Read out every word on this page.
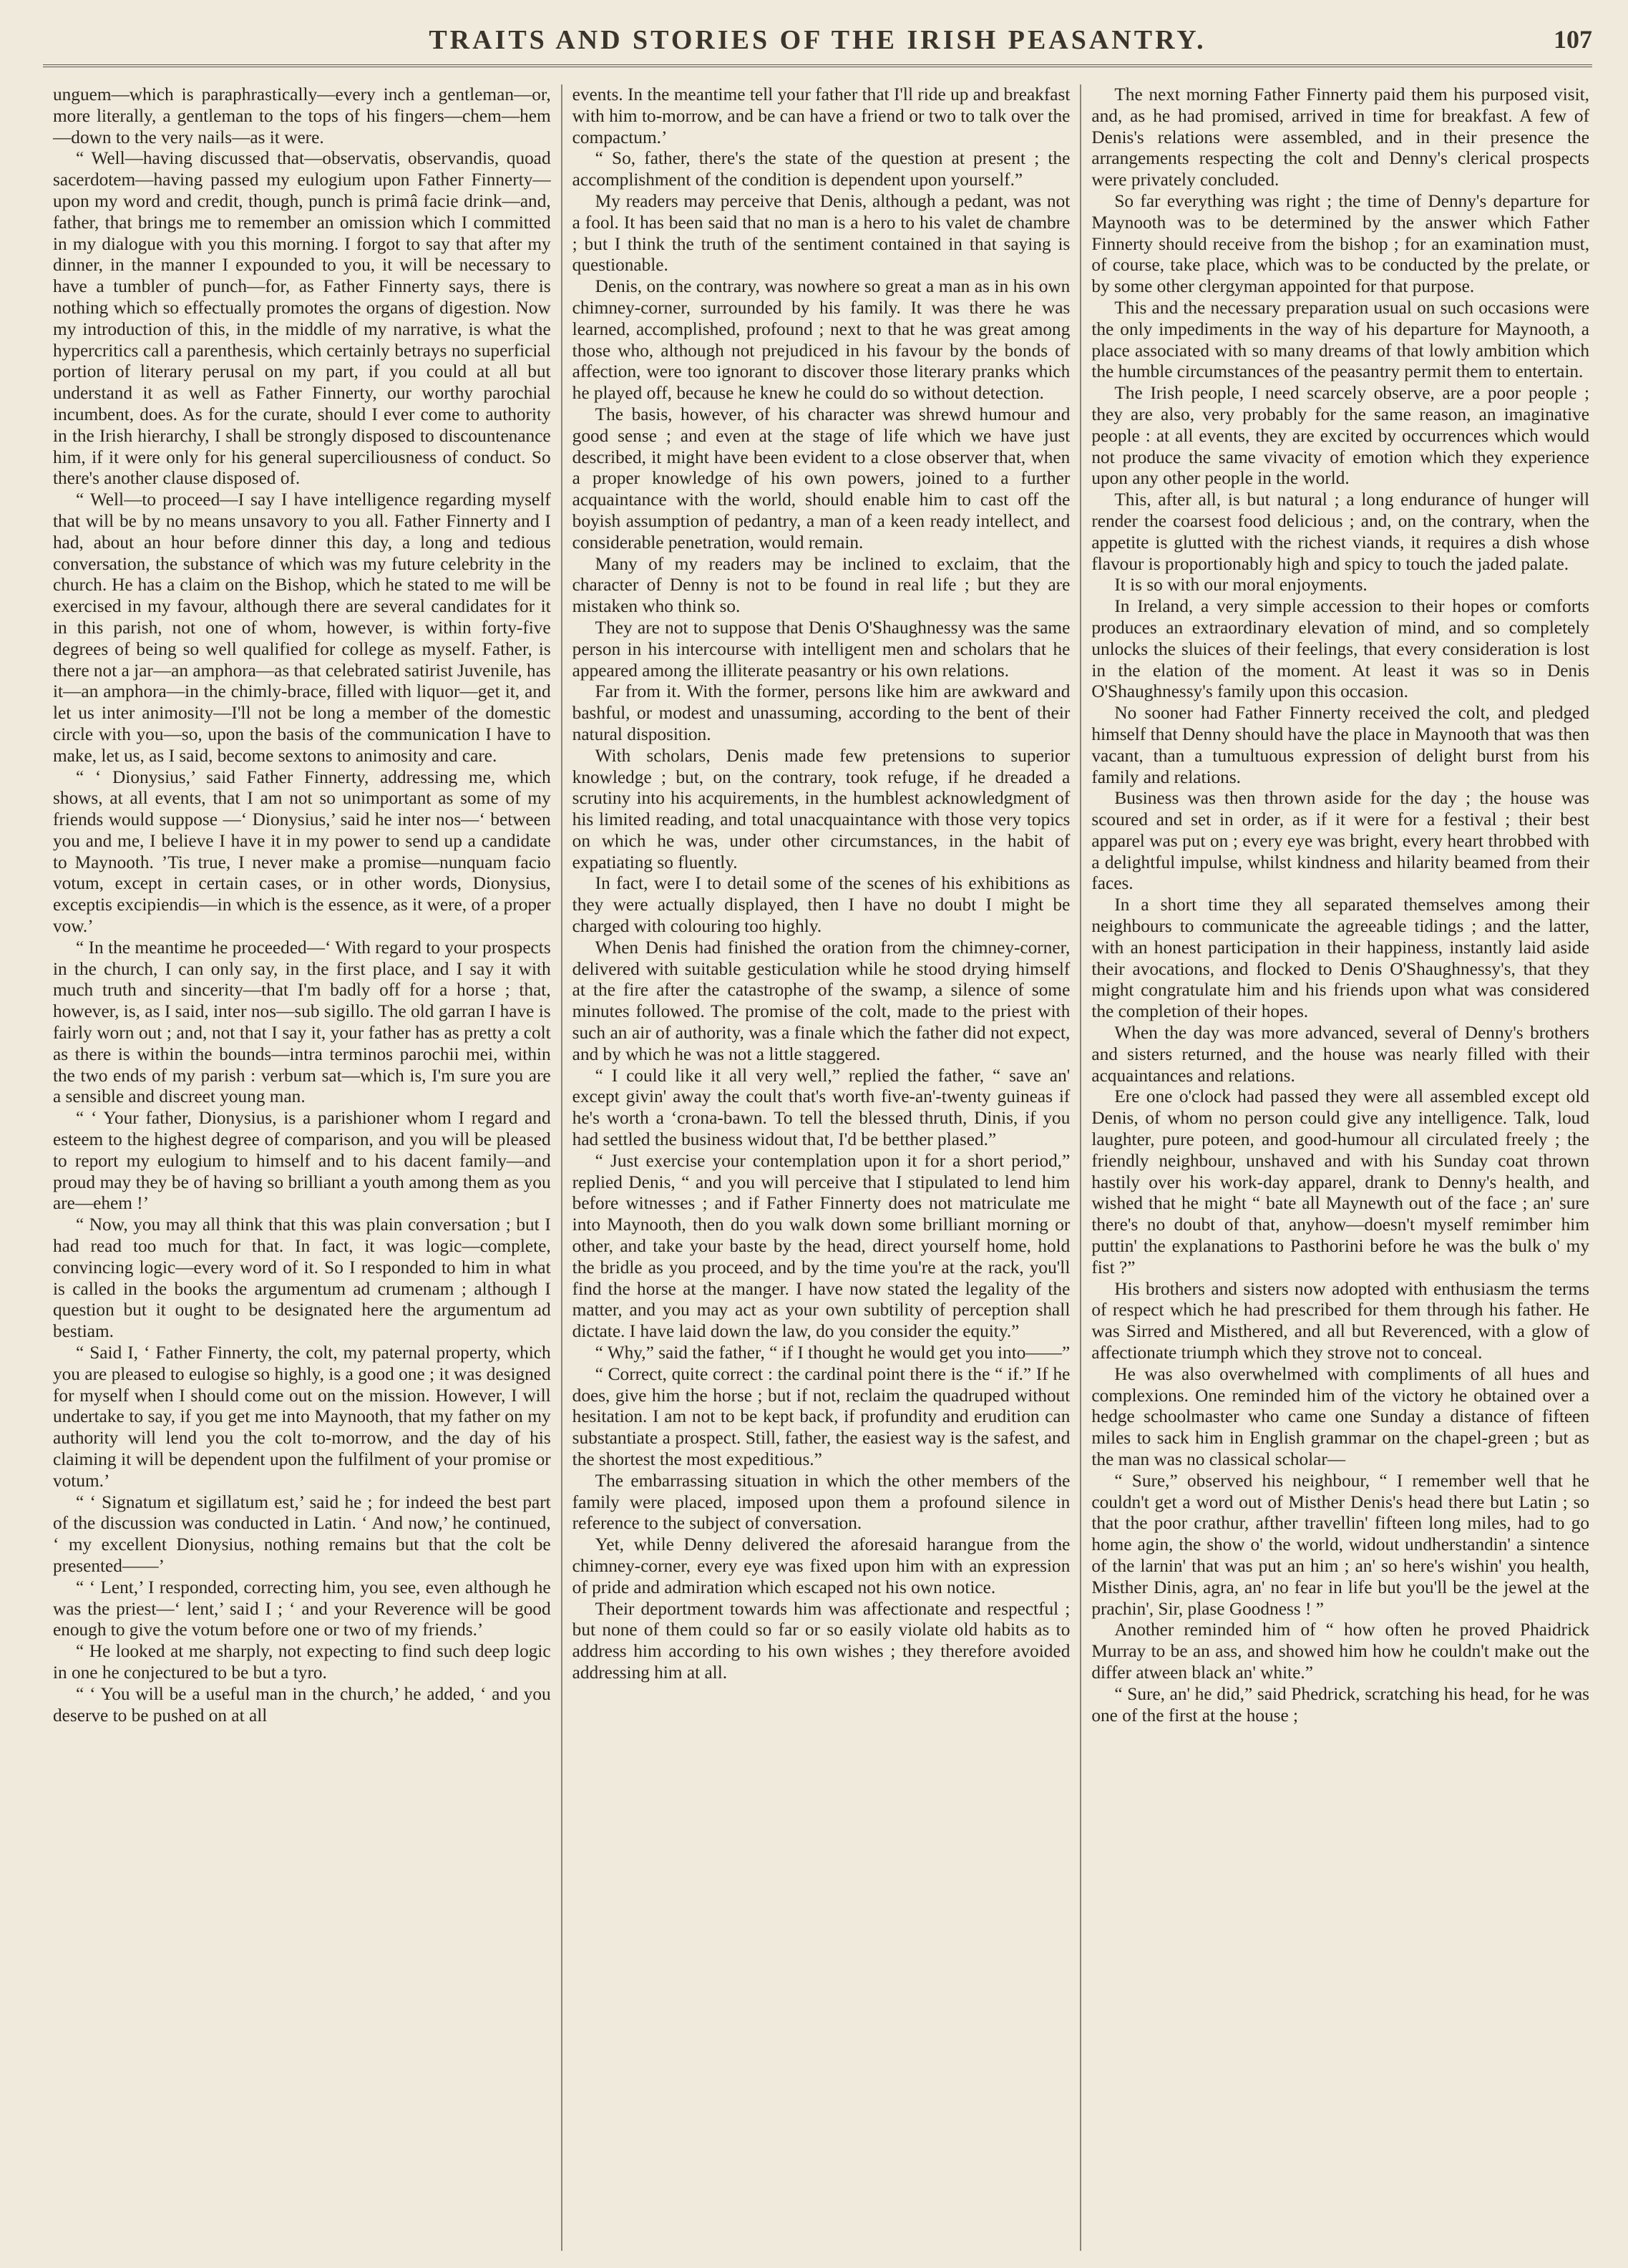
TRAITS AND STORIES OF THE IRISH PEASANTRY.	107

unguem—which is paraphrastically—every inch a gentleman—or, more literally, a gentleman to the tops of his fingers—chem—hem—down to the very nails—as it were.

“ Well—having discussed that—observatis, observandis, quoad sacerdotem—having passed my eulogium upon Father Finnerty—upon my word and credit, though, punch is primâ facie drink—and, father, that brings me to remember an omission which I committed in my dialogue with you this morning. I forgot to say that after my dinner, in the manner I expounded to you, it will be necessary to have a tumbler of punch—for, as Father Finnerty says, there is nothing which so effectually promotes the organs of digestion. Now my introduction of this, in the middle of my narrative, is what the hypercritics call a parenthesis, which certainly betrays no superficial portion of literary perusal on my part, if you could at all but understand it as well as Father Finnerty, our worthy parochial incumbent, does. As for the curate, should I ever come to authority in the Irish hierarchy, I shall be strongly disposed to discountenance him, if it were only for his general superciliousness of conduct. So there's another clause disposed of.

“ Well—to proceed—I say I have intelligence regarding myself that will be by no means unsavory to you all. Father Finnerty and I had, about an hour before dinner this day, a long and tedious conversation, the substance of which was my future celebrity in the church. He has a claim on the Bishop, which he stated to me will be exercised in my favour, although there are several candidates for it in this parish, not one of whom, however, is within forty-five degrees of being so well qualified for college as myself. Father, is there not a jar—an amphora—as that celebrated satirist Juvenile, has it—an amphora—in the chimly-brace, filled with liquor—get it, and let us inter animosity—I'll not be long a member of the domestic circle with you—so, upon the basis of the communication I have to make, let us, as I said, become sextons to animosity and care.

“ ‘ Dionysius,’ said Father Finnerty, addressing me, which shows, at all events, that I am not so unimportant as some of my friends would suppose —‘ Dionysius,’ said he inter nos—‘ between you and me, I believe I have it in my power to send up a candidate to Maynooth. ’Tis true, I never make a promise—nunquam facio votum, except in certain cases, or in other words, Dionysius, exceptis excipiendis—in which is the essence, as it were, of a proper vow.’

“ In the meantime he proceeded—‘ With regard to your prospects in the church, I can only say, in the first place, and I say it with much truth and sincerity—that I'm badly off for a horse ; that, however, is, as I said, inter nos—sub sigillo. The old garran I have is fairly worn out ; and, not that I say it, your father has as pretty a colt as there is within the bounds—intra terminos parochii mei, within the two ends of my parish : verbum sat—which is, I'm sure you are a sensible and discreet young man.

“ ‘ Your father, Dionysius, is a parishioner whom I regard and esteem to the highest degree of comparison, and you will be pleased to report my eulogium to himself and to his dacent family—and proud may they be of having so brilliant a youth among them as you are—ehem !’

“ Now, you may all think that this was plain conversation ; but I had read too much for that. In fact, it was logic—complete, convincing logic—every word of it. So I responded to him in what is called in the books the argumentum ad crumenam ; although I question but it ought to be designated here the argumentum ad bestiam.

“ Said I, ‘ Father Finnerty, the colt, my paternal property, which you are pleased to eulogise so highly, is a good one ; it was designed for myself when I should come out on the mission. However, I will undertake to say, if you get me into Maynooth, that my father on my authority will lend you the colt to-morrow, and the day of his claiming it will be dependent upon the fulfilment of your promise or votum.’

“ ‘ Signatum et sigillatum est,’ said he ; for indeed the best part of the discussion was conducted in Latin. ‘ And now,’ he continued, ‘ my excellent Dionysius, nothing remains but that the colt be presented——’

“ ‘ Lent,’ I responded, correcting him, you see, even although he was the priest—‘ lent,’ said I ; ‘ and your Reverence will be good enough to give the votum before one or two of my friends.’

“ He looked at me sharply, not expecting to find such deep logic in one he conjectured to be but a tyro.

“ ‘ You will be a useful man in the church,’ he added, ‘ and you deserve to be pushed on at all

events. In the meantime tell your father that I'll ride up and breakfast with him to-morrow, and be can have a friend or two to talk over the compactum.’

“ So, father, there's the state of the question at present ; the accomplishment of the condition is dependent upon yourself.”

My readers may perceive that Denis, although a pedant, was not a fool. It has been said that no man is a hero to his valet de chambre ; but I think the truth of the sentiment contained in that saying is questionable.

Denis, on the contrary, was nowhere so great a man as in his own chimney-corner, surrounded by his family. It was there he was learned, accomplished, profound ; next to that he was great among those who, although not prejudiced in his favour by the bonds of affection, were too ignorant to discover those literary pranks which he played off, because he knew he could do so without detection.

The basis, however, of his character was shrewd humour and good sense ; and even at the stage of life which we have just described, it might have been evident to a close observer that, when a proper knowledge of his own powers, joined to a further acquaintance with the world, should enable him to cast off the boyish assumption of pedantry, a man of a keen ready intellect, and considerable penetration, would remain.

Many of my readers may be inclined to exclaim, that the character of Denny is not to be found in real life ; but they are mistaken who think so.

They are not to suppose that Denis O'Shaughnessy was the same person in his intercourse with intelligent men and scholars that he appeared among the illiterate peasantry or his own relations.

Far from it. With the former, persons like him are awkward and bashful, or modest and unassuming, according to the bent of their natural disposition.

With scholars, Denis made few pretensions to superior knowledge ; but, on the contrary, took refuge, if he dreaded a scrutiny into his acquirements, in the humblest acknowledgment of his limited reading, and total unacquaintance with those very topics on which he was, under other circumstances, in the habit of expatiating so fluently.

In fact, were I to detail some of the scenes of his exhibitions as they were actually displayed, then I have no doubt I might be charged with colouring too highly.

When Denis had finished the oration from the chimney-corner, delivered with suitable gesticulation while he stood drying himself at the fire after the catastrophe of the swamp, a silence of some minutes followed. The promise of the colt, made to the priest with such an air of authority, was a finale which the father did not expect, and by which he was not a little staggered.

“ I could like it all very well,” replied the father, “ save an' except givin' away the coult that's worth five-an'-twenty guineas if he's worth a ‘crona-bawn. To tell the blessed thruth, Dinis, if you had settled the business widout that, I'd be betther plased.”

“ Just exercise your contemplation upon it for a short period,” replied Denis, “ and you will perceive that I stipulated to lend him before witnesses ; and if Father Finnerty does not matriculate me into Maynooth, then do you walk down some brilliant morning or other, and take your baste by the head, direct yourself home, hold the bridle as you proceed, and by the time you're at the rack, you'll find the horse at the manger. I have now stated the legality of the matter, and you may act as your own subtility of perception shall dictate. I have laid down the law, do you consider the equity.”

“ Why,” said the father, “ if I thought he would get you into——”

“ Correct, quite correct : the cardinal point there is the “ if.” If he does, give him the horse ; but if not, reclaim the quadruped without hesitation. I am not to be kept back, if profundity and erudition can substantiate a prospect. Still, father, the easiest way is the safest, and the shortest the most expeditious.”

The embarrassing situation in which the other members of the family were placed, imposed upon them a profound silence in reference to the subject of conversation.

Yet, while Denny delivered the aforesaid harangue from the chimney-corner, every eye was fixed upon him with an expression of pride and admiration which escaped not his own notice.

Their deportment towards him was affectionate and respectful ; but none of them could so far or so easily violate old habits as to address him according to his own wishes ; they therefore avoided addressing him at all.

The next morning Father Finnerty paid them his purposed visit, and, as he had promised, arrived in time for breakfast. A few of Denis's relations were assembled, and in their presence the arrangements respecting the colt and Denny's clerical prospects were privately concluded.

So far everything was right ; the time of Denny's departure for Maynooth was to be determined by the answer which Father Finnerty should receive from the bishop ; for an examination must, of course, take place, which was to be conducted by the prelate, or by some other clergyman appointed for that purpose.

This and the necessary preparation usual on such occasions were the only impediments in the way of his departure for Maynooth, a place associated with so many dreams of that lowly ambition which the humble circumstances of the peasantry permit them to entertain.

The Irish people, I need scarcely observe, are a poor people ; they are also, very probably for the same reason, an imaginative people : at all events, they are excited by occurrences which would not produce the same vivacity of emotion which they experience upon any other people in the world.

This, after all, is but natural ; a long endurance of hunger will render the coarsest food delicious ; and, on the contrary, when the appetite is glutted with the richest viands, it requires a dish whose flavour is proportionably high and spicy to touch the jaded palate.

It is so with our moral enjoyments.

In Ireland, a very simple accession to their hopes or comforts produces an extraordinary elevation of mind, and so completely unlocks the sluices of their feelings, that every consideration is lost in the elation of the moment. At least it was so in Denis O'Shaughnessy's family upon this occasion.

No sooner had Father Finnerty received the colt, and pledged himself that Denny should have the place in Maynooth that was then vacant, than a tumultuous expression of delight burst from his family and relations.

Business was then thrown aside for the day ; the house was scoured and set in order, as if it were for a festival ; their best apparel was put on ; every eye was bright, every heart throbbed with a delightful impulse, whilst kindness and hilarity beamed from their faces.

In a short time they all separated themselves among their neighbours to communicate the agreeable tidings ; and the latter, with an honest participation in their happiness, instantly laid aside their avocations, and flocked to Denis O'Shaughnessy's, that they might congratulate him and his friends upon what was considered the completion of their hopes.

When the day was more advanced, several of Denny's brothers and sisters returned, and the house was nearly filled with their acquaintances and relations.

Ere one o'clock had passed they were all assembled except old Denis, of whom no person could give any intelligence. Talk, loud laughter, pure poteen, and good-humour all circulated freely ; the friendly neighbour, unshaved and with his Sunday coat thrown hastily over his work-day apparel, drank to Denny's health, and wished that he might “ bate all Maynewth out of the face ; an' sure there's no doubt of that, anyhow—doesn't myself remimber him puttin' the explanations to Pasthorini before he was the bulk o' my fist ?”

His brothers and sisters now adopted with enthusiasm the terms of respect which he had prescribed for them through his father. He was Sirred and Misthered, and all but Reverenced, with a glow of affectionate triumph which they strove not to conceal.

He was also overwhelmed with compliments of all hues and complexions. One reminded him of the victory he obtained over a hedge schoolmaster who came one Sunday a distance of fifteen miles to sack him in English grammar on the chapel-green ; but as the man was no classical scholar—

“ Sure,” observed his neighbour, “ I remember well that he couldn't get a word out of Misther Denis's head there but Latin ; so that the poor crathur, afther travellin' fifteen long miles, had to go home agin, the show o' the world, widout undherstandin' a sintence of the larnin' that was put an him ; an' so here's wishin' you health, Misther Dinis, agra, an' no fear in life but you'll be the jewel at the prachin', Sir, plase Goodness ! ”

Another reminded him of “ how often he proved Phaidrick Murray to be an ass, and showed him how he couldn't make out the differ atween black an' white.”

“ Sure, an' he did,” said Phedrick, scratching his head, for he was one of the first at the house ;
